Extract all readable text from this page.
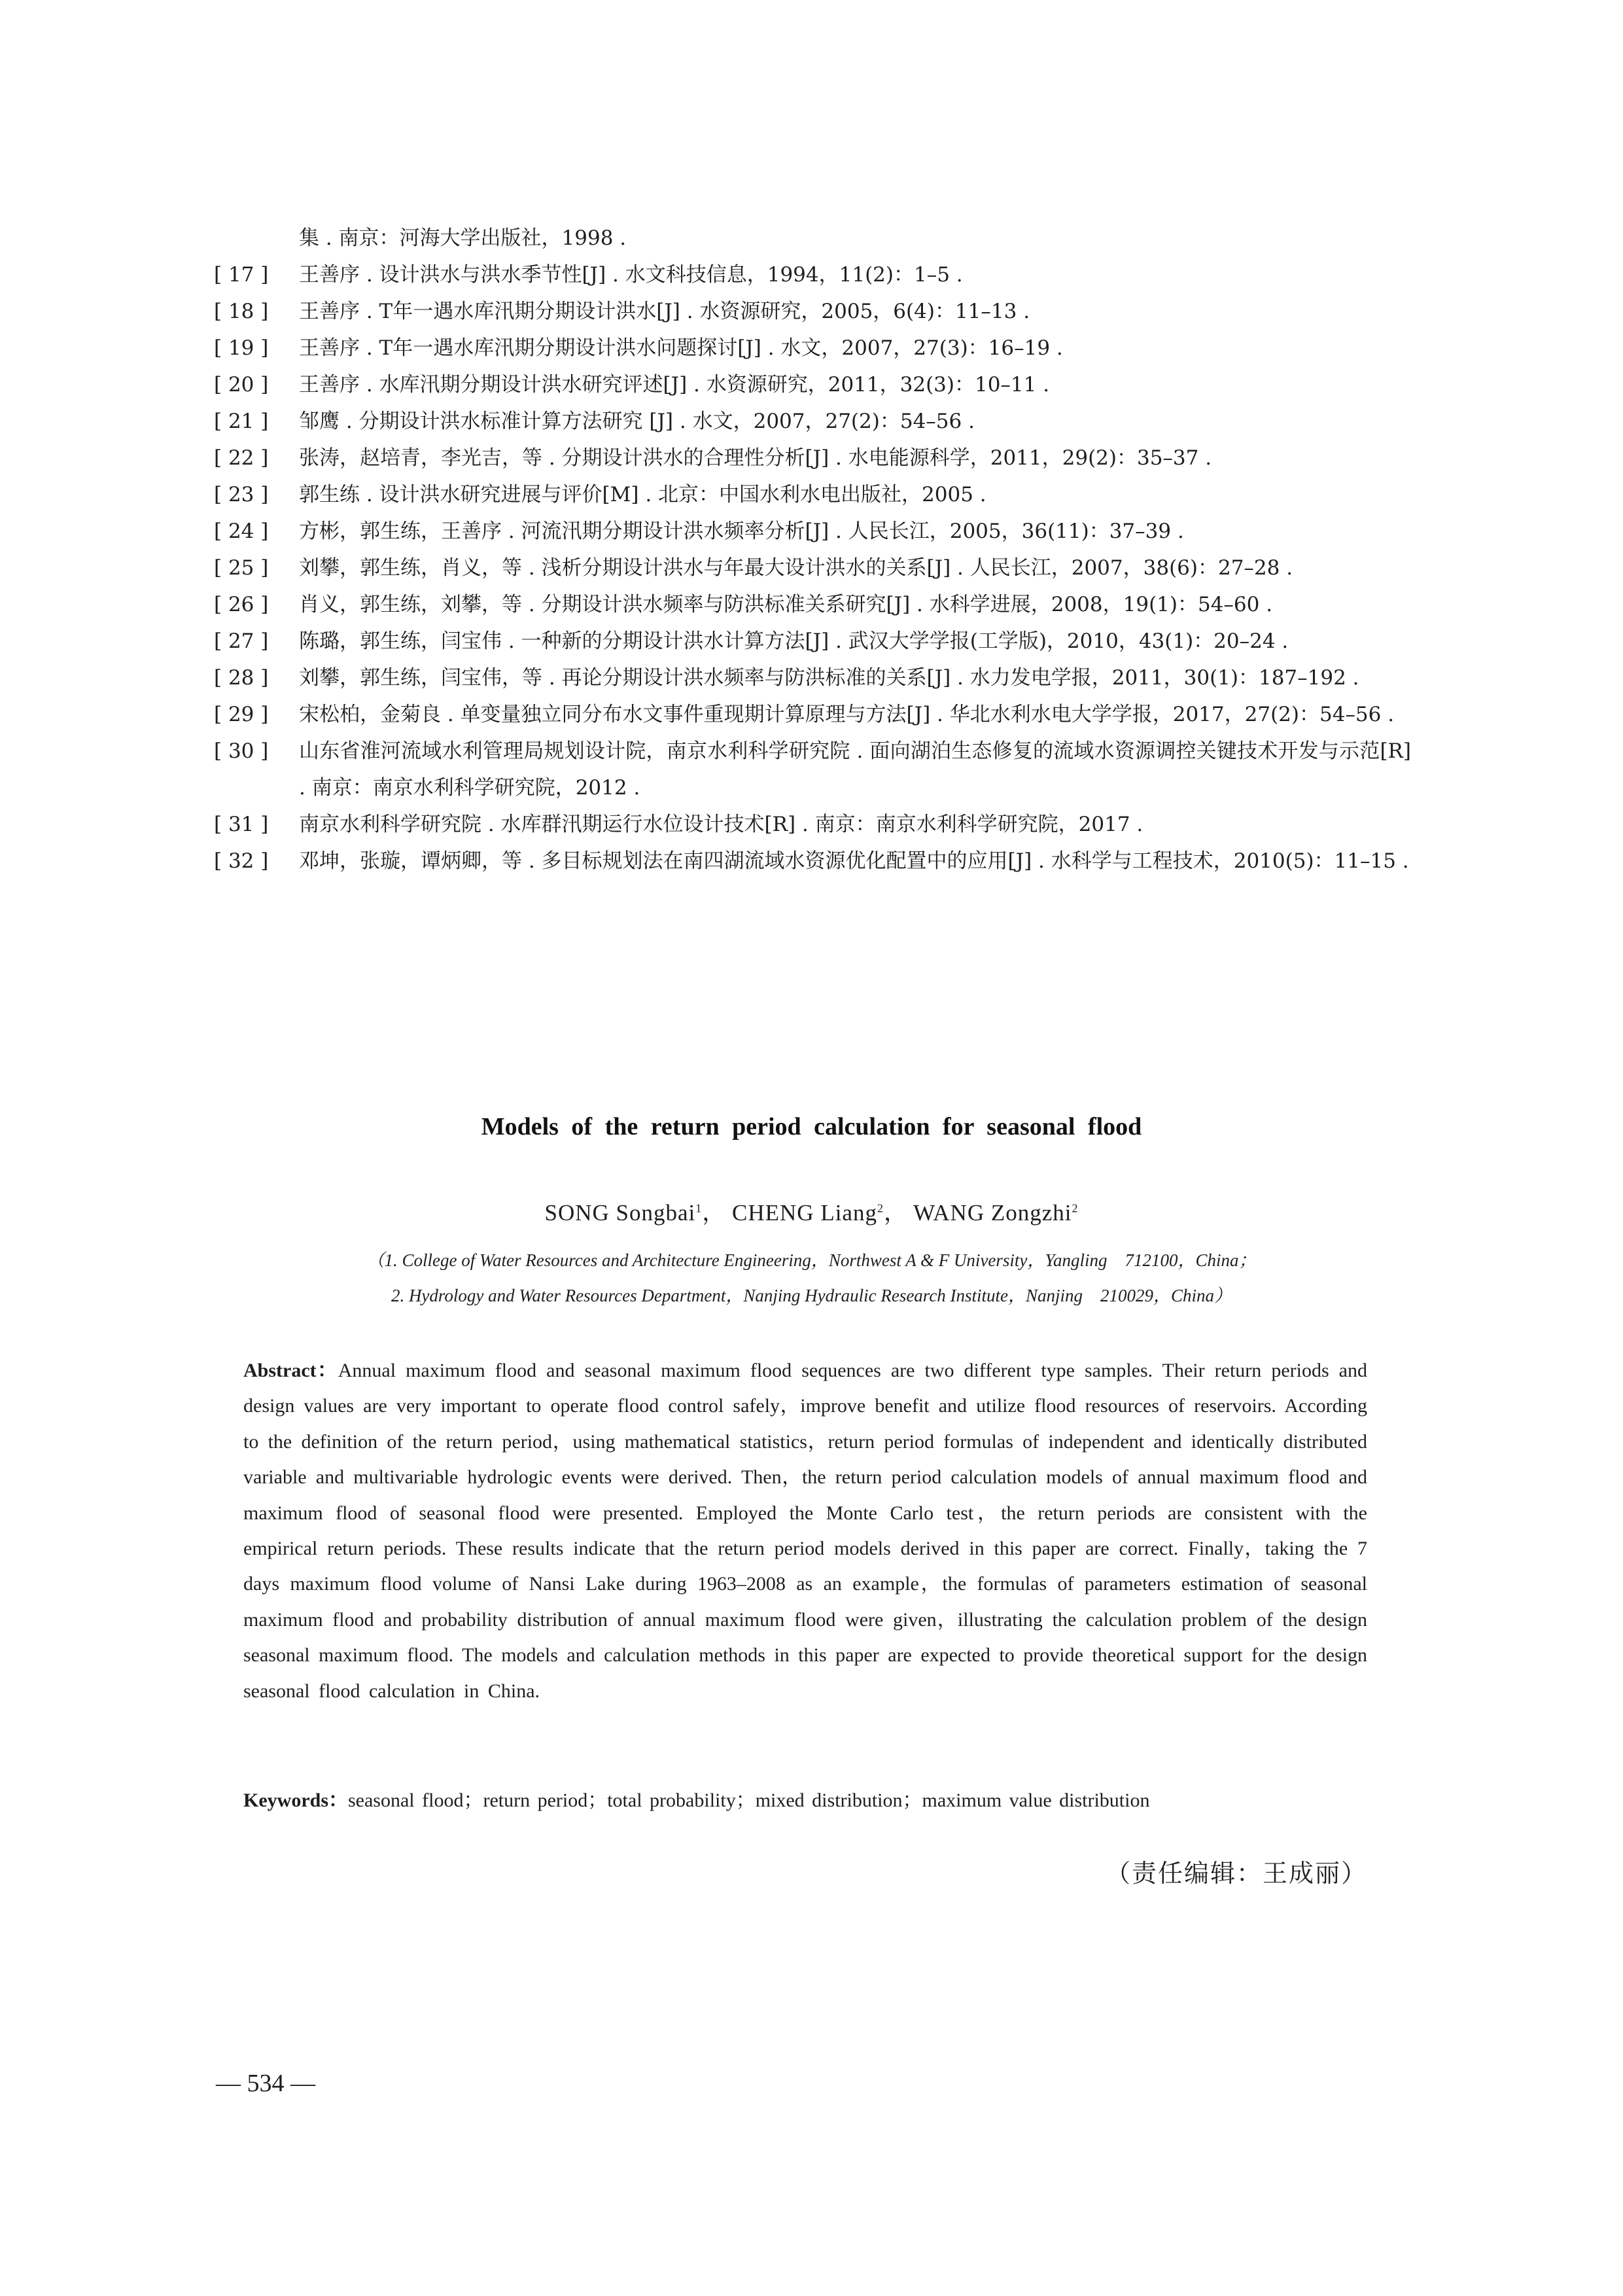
集 . 南京：河海大学出版社，1998 .
[ 17 ]	王善序 . 设计洪水与洪水季节性[J] . 水文科技信息，1994，11(2)：1–5 .
[ 18 ]	王善序 . T年一遇水库汛期分期设计洪水[J] . 水资源研究，2005，6(4)：11–13 .
[ 19 ]	王善序 . T年一遇水库汛期分期设计洪水问题探讨[J] . 水文，2007，27(3)：16–19 .
[ 20 ]	王善序 . 水库汛期分期设计洪水研究评述[J] . 水资源研究，2011，32(3)：10–11 .
[ 21 ]	邹鹰 . 分期设计洪水标准计算方法研究 [J] . 水文，2007，27(2)：54–56 .
[ 22 ]	张涛，赵培青，李光吉，等 . 分期设计洪水的合理性分析[J] . 水电能源科学，2011，29(2)：35–37 .
[ 23 ]	郭生练 . 设计洪水研究进展与评价[M] . 北京：中国水利水电出版社，2005 .
[ 24 ]	方彬，郭生练，王善序 . 河流汛期分期设计洪水频率分析[J] . 人民长江，2005，36(11)：37–39 .
[ 25 ]	刘攀，郭生练，肖义，等 . 浅析分期设计洪水与年最大设计洪水的关系[J] . 人民长江，2007，38(6)：27–28 .
[ 26 ]	肖义，郭生练，刘攀，等 . 分期设计洪水频率与防洪标准关系研究[J] . 水科学进展，2008，19(1)：54–60 .
[ 27 ]	陈璐，郭生练，闫宝伟 . 一种新的分期设计洪水计算方法[J] . 武汉大学学报(工学版)，2010，43(1)：20–24 .
[ 28 ]	刘攀，郭生练，闫宝伟，等 . 再论分期设计洪水频率与防洪标准的关系[J] . 水力发电学报，2011，30(1)：187–192 .
[ 29 ]	宋松柏，金菊良 . 单变量独立同分布水文事件重现期计算原理与方法[J] . 华北水利水电大学学报，2017，27(2)：54–56 .
[ 30 ]	山东省淮河流域水利管理局规划设计院，南京水利科学研究院 . 面向湖泊生态修复的流域水资源调控关键技术开发与示范[R] . 南京：南京水利科学研究院，2012 .
[ 31 ]	南京水利科学研究院 . 水库群汛期运行水位设计技术[R] . 南京：南京水利科学研究院，2017 .
[ 32 ]	邓坤，张璇，谭炳卿，等 . 多目标规划法在南四湖流域水资源优化配置中的应用[J] . 水科学与工程技术，2010(5)：11–15 .
Models of the return period calculation for seasonal flood
SONG Songbai$^1$， CHENG Liang$^2$， WANG Zongzhi$^2$
（1. College of Water Resources and Architecture Engineering，Northwest A & F University，Yangling　712100，China；
2. Hydrology and Water Resources Department，Nanjing Hydraulic Research Institute，Nanjing　210029，China）
Abstract：Annual maximum flood and seasonal maximum flood sequences are two different type samples. Their return periods and design values are very important to operate flood control safely，improve benefit and utilize flood resources of reservoirs. According to the definition of the return period，using mathematical statistics，return period formulas of independent and identically distributed variable and multivariable hydrologic events were derived. Then，the return period calculation models of annual maximum flood and maximum flood of seasonal flood were presented. Employed the Monte Carlo test，the return periods are consistent with the empirical return periods. These results indicate that the return period models derived in this paper are correct. Finally，taking the 7 days maximum flood volume of Nansi Lake during 1963–2008 as an example，the formulas of parameters estimation of seasonal maximum flood and probability distribution of annual maximum flood were given，illustrating the calculation problem of the design seasonal maximum flood. The models and calculation methods in this paper are expected to provide theoretical support for the design seasonal flood calculation in China.
Keywords：seasonal flood；return period；total probability；mixed distribution；maximum value distribution
（责任编辑：王成丽）
— 534 —
